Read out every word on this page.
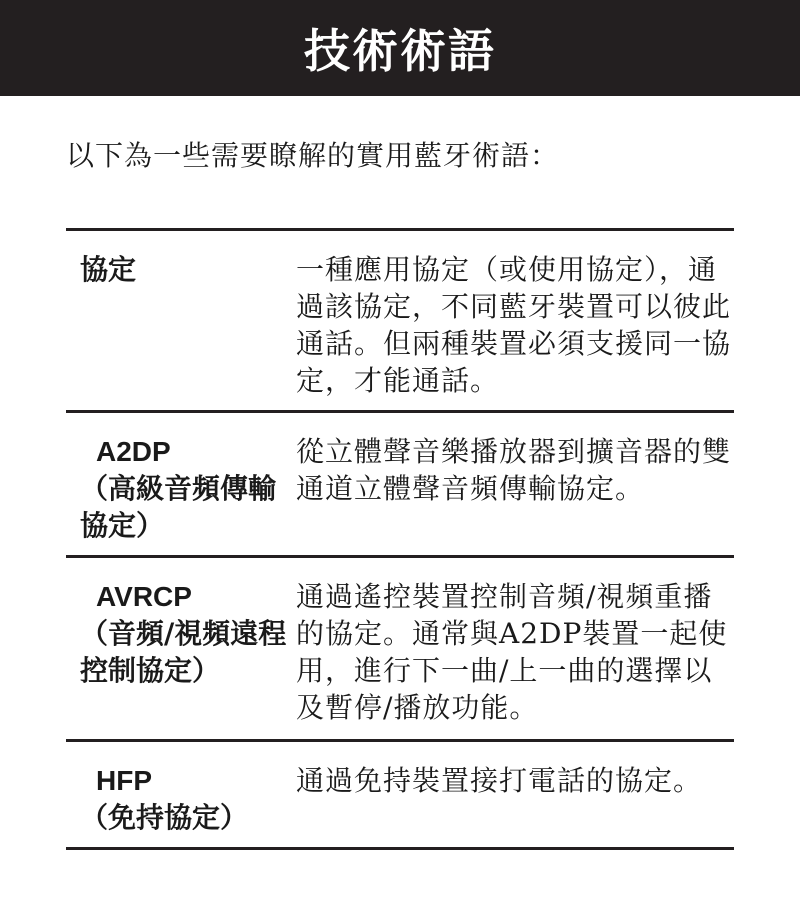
技術術語
以下為一些需要瞭解的實用藍牙術語：
協定	一種應用協定（或使用協定），通過該協定，不同藍牙裝置可以彼此通話。但兩種裝置必須支援同一協定，才能通話。
A2DP
（高級音頻傳輸協定）
從立體聲音樂播放器到擴音器的雙通道立體聲音頻傳輸協定。
AVRCP
（音頻/視頻遠程控制協定）
通過遙控裝置控制音頻/視頻重播的協定。通常與A2DP裝置一起使用，進行下一曲/上一曲的選擇以及暫停/播放功能。
HFP
（免持協定）
通過免持裝置接打電話的協定。
